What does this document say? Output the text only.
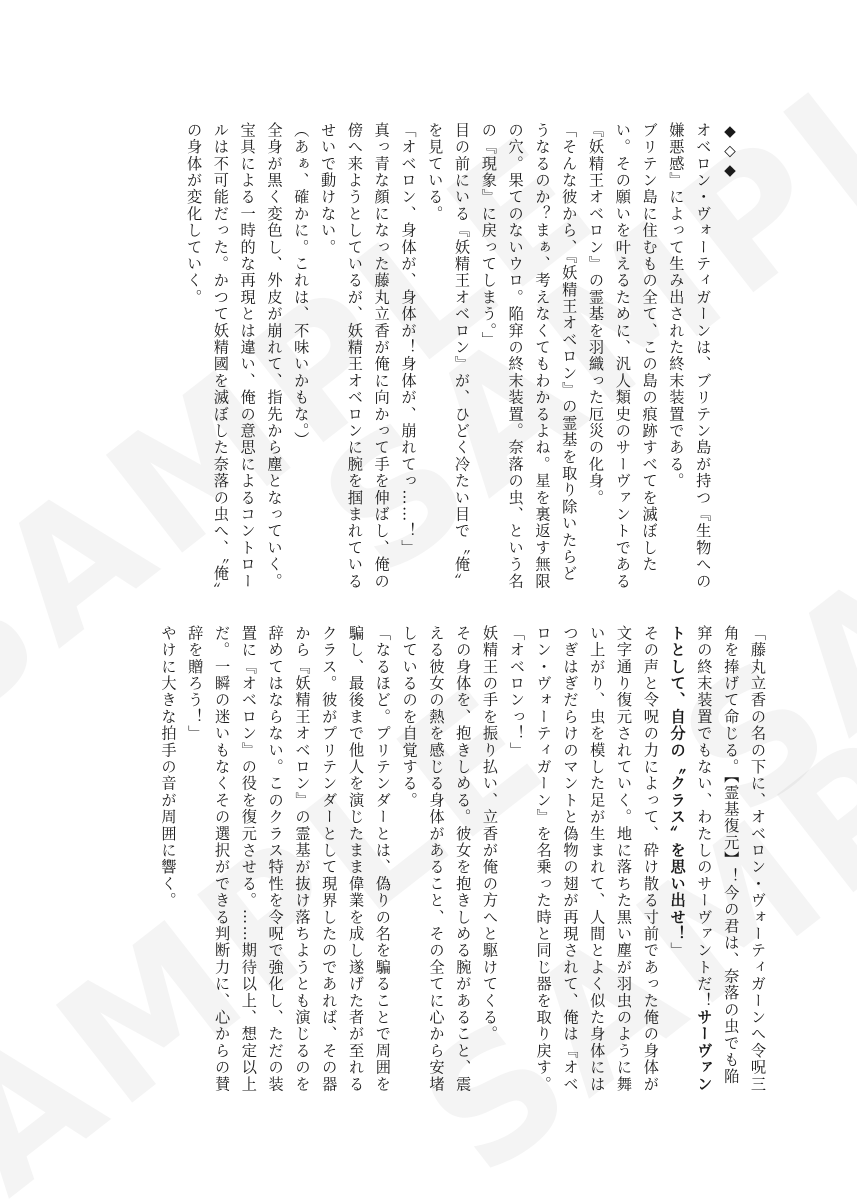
◆◇◆

オベロン・ヴォーティガーンは、ブリテン島が持つ『生物への嫌悪感』によって生み出された終末装置である。

ブリテン島に住むもの全て、この島の痕跡すべてを滅ぼしたい。その願いを叶えるために、汎人類史のサーヴァントである『妖精王オベロン』の霊基を羽織った厄災の化身。

「そんな彼から、『妖精王オベロン』の霊基を取り除いたらどうなるのか？まぁ、考えなくてもわかるよね。星を裏返す無限の穴。果てのないウロ。陥穽の終末装置。奈落の虫、という名の『現象』に戻ってしまう。」

目の前にいる『妖精王オベロン』が、ひどく冷たい目で〝俺〟を見ている。

「オベロン、身体が、身体が！身体が、崩れてっ……！」

真っ青な顔になった藤丸立香が俺に向かって手を伸ばし、俺の傍へ来ようとしているが、妖精王オベロンに腕を掴まれているせいで動けない。

（あぁ、確かに。これは、不味いかもな。）

全身が黒く変色し、外皮が崩れて、指先から塵となっていく。

宝具による一時的な再現とは違い、俺の意思によるコントロールは不可能だった。かつて妖精國を滅ぼした奈落の虫へ、〝俺〟の身体が変化していく。

「藤丸立香の名の下に、オベロン・ヴォーティガーンへ令呪三角を捧げて命じる。【霊基復元】！今の君は、奈落の虫でも陥穽の終末装置でもない、わたしのサーヴァントだ！サーヴァントとして、自分の〝クラス〟を思い出せ！」

その声と令呪の力によって、砕け散る寸前であった俺の身体が文字通り復元されていく。地に落ちた黒い塵が羽虫のように舞い上がり、虫を模した足が生まれて、人間とよく似た身体にはつぎはぎだらけのマントと偽物の翅が再現されて、俺は『オベロン・ヴォーティガーン』を名乗った時と同じ器を取り戻す。

「オベロンっ！」

妖精王の手を振り払い、立香が俺の方へと駆けてくる。

その身体を、抱きしめる。彼女を抱きしめる腕があること、震える彼女の熱を感じる身体があること、その全てに心から安堵しているのを自覚する。

「なるほど。プリテンダーとは、偽りの名を騙ることで周囲を騙し、最後まで他人を演じたまま偉業を成し遂げた者が至れるクラス。彼がプリテンダーとして現界したのであれば、その器から『妖精王オベロン』の霊基が抜け落ちようとも演じるのを辞めてはならない。このクラス特性を令呪で強化し、ただの装置に『オベロン』の役を復元させる。……期待以上、想定以上だ。一瞬の迷いもなくその選択ができる判断力に、心からの賛辞を贈ろう！」

やけに大きな拍手の音が周囲に響く。
